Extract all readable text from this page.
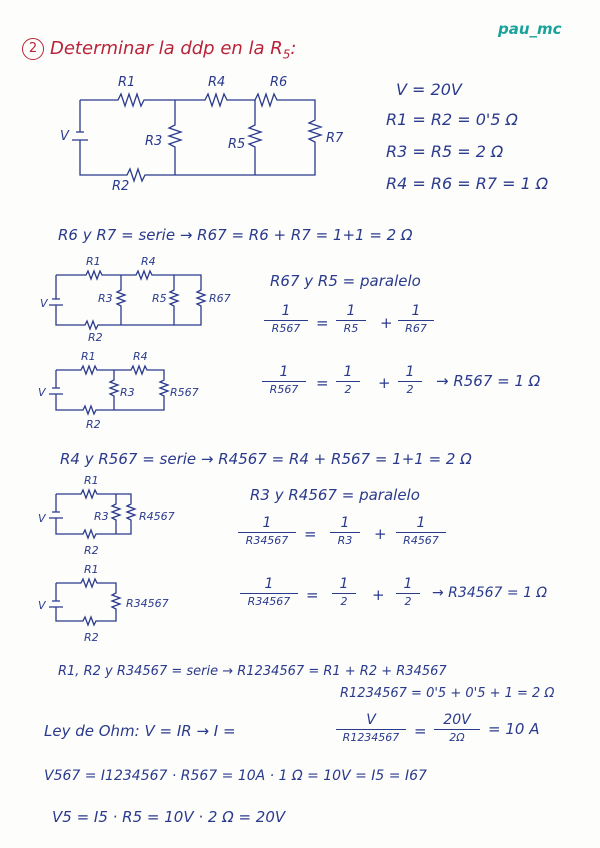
2 Determinar la ddp en la $R_5$:
pau_mc
R1	R4	R6
R3	R5	R7
R2
V
V = 20V
R1 = R2 = 0'5 Ω
R3 = R5 = 2 Ω
R4 = R6 = R7 = 1 Ω
R6 y R7 = serie → R67 = R6 + R7 = 1+1 = 2 Ω
R1	R4
R3	R5	R67
R2
V
R67 y R5 = paralelo
1
R567 =
1
R5 +
1
R67
R1	R4
R3	R567
R2
V
1
R567 =
1
2 +
1
2 → R567 = 1 Ω
R4 y R567 = serie → R4567 = R4 + R567 = 1+1 = 2 Ω
R1
R3	R4567
R2
V
R3 y R4567 = paralelo
1
R34567 =
1
R3 +
1
R4567
R1
R34567
R2
V
1
R34567 =
1
2 +
1
2
→ R34567 = 1 Ω
R1, R2 y R34567 = serie → R1234567 = R1 + R2 + R34567
R1234567 = 0'5 + 0'5 + 1 = 2 Ω
Ley de Ohm: V = IR → I =
V
R1234567 =
20V
2Ω = 10 A
V567 = I1234567 · R567 = 10A · 1 Ω = 10V = I5 = I67
V5 = I5 · R5 = 10V · 2 Ω = 20V
